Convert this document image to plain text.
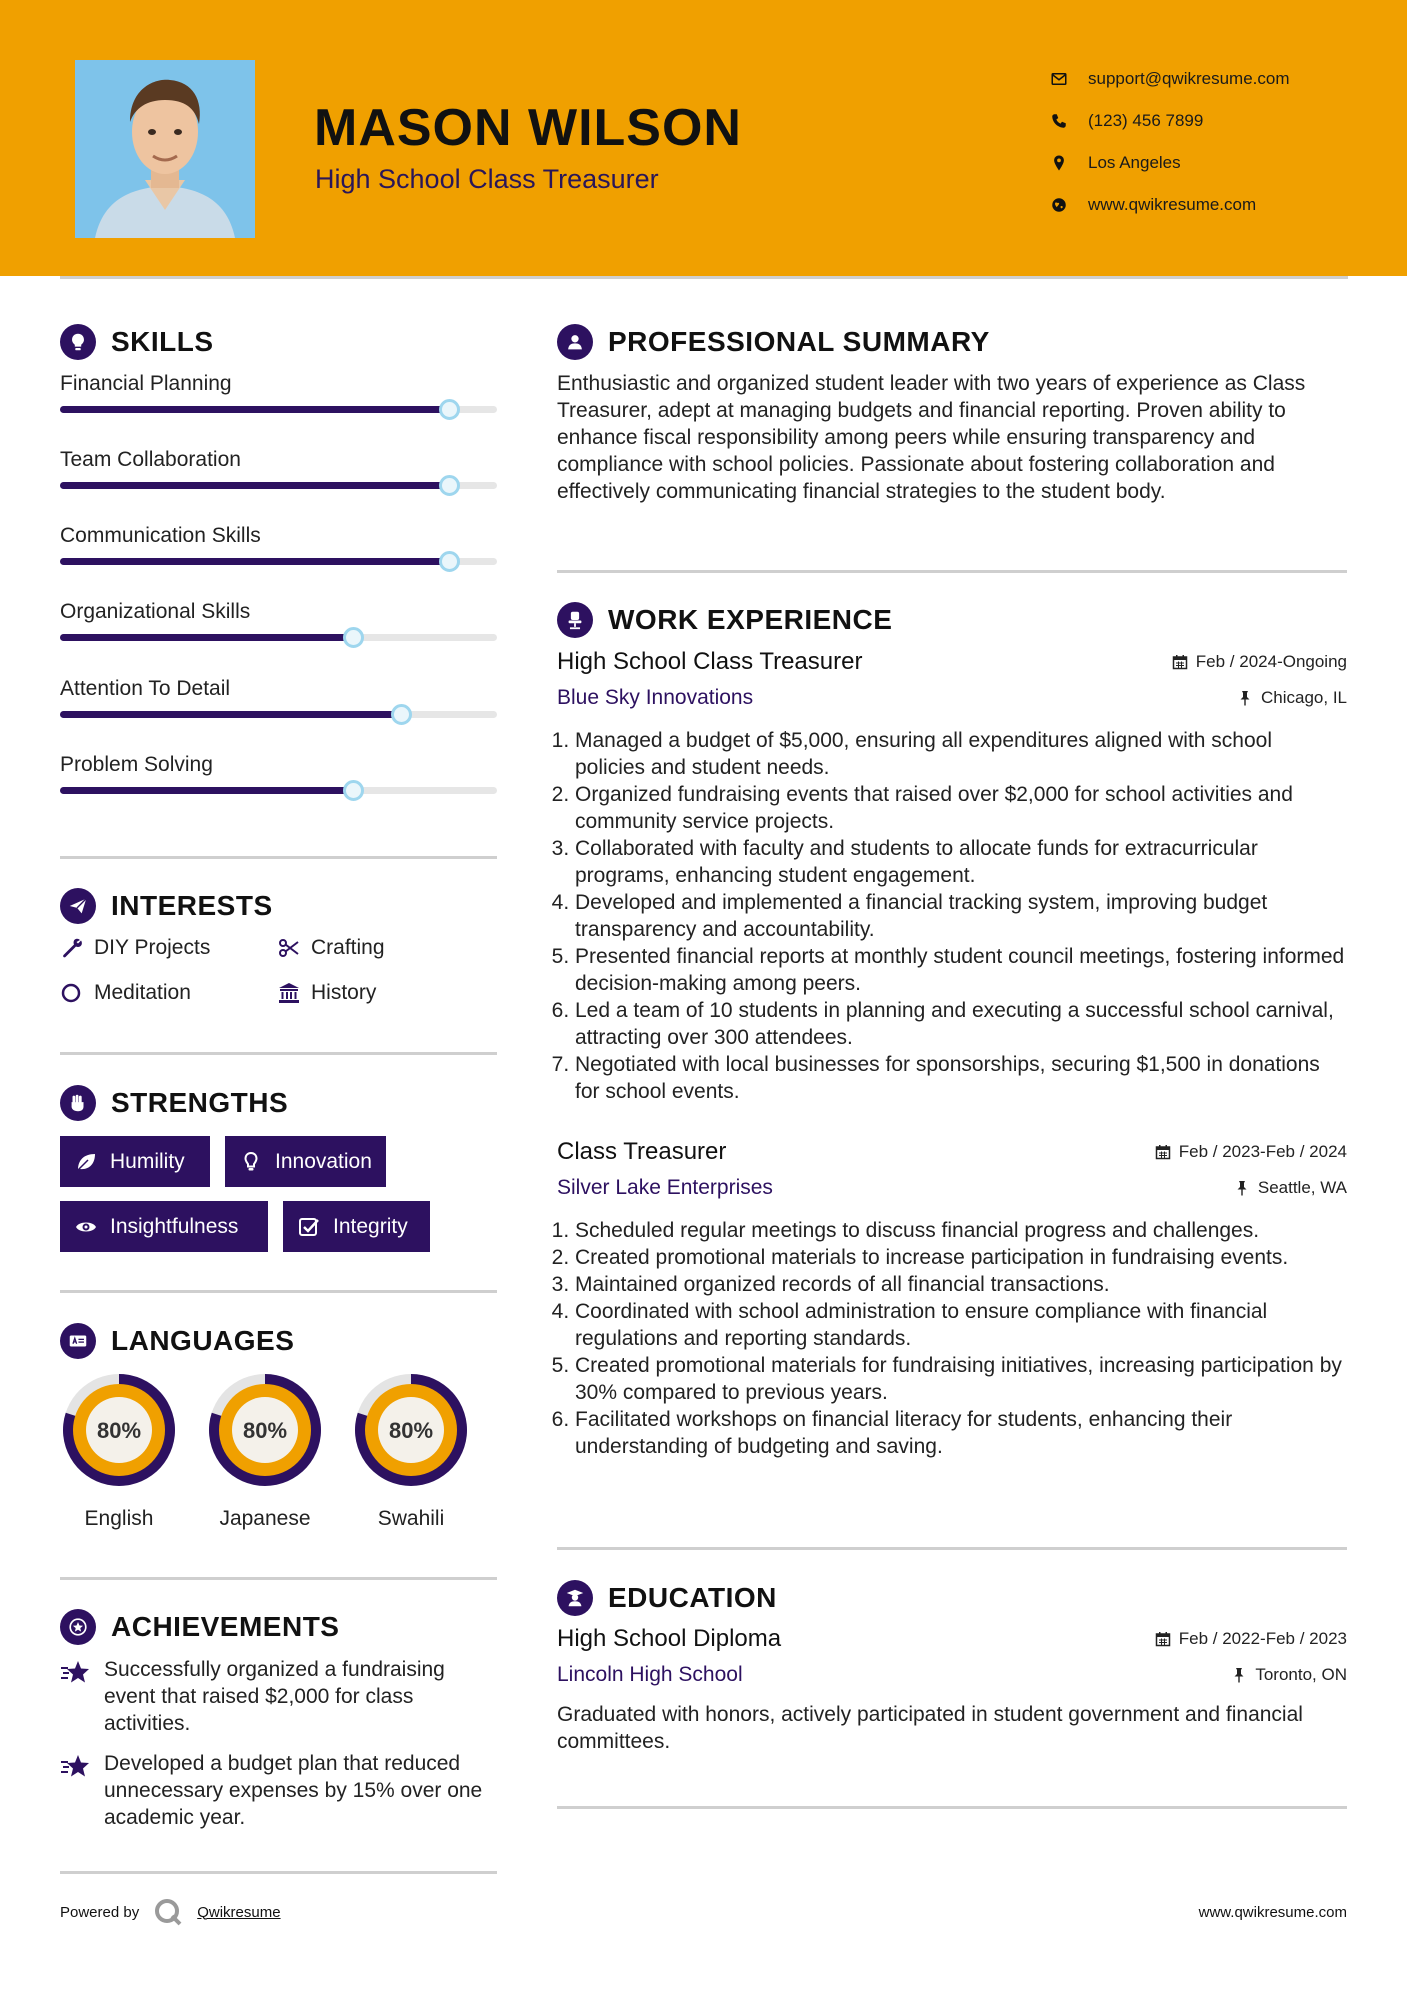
MASON WILSON
High School Class Treasurer
support@qwikresume.com
(123) 456 7899
Los Angeles
www.qwikresume.com
SKILLS
Financial Planning
Team Collaboration
Communication Skills
Organizational Skills
Attention To Detail
Problem Solving
INTERESTS
DIY Projects	Crafting
Meditation	History
STRENGTHS
Humility	Innovation
Insightfulness	Integrity
LANGUAGES
80%
English
80%
Japanese
80%
Swahili
ACHIEVEMENTS
Successfully organized a fundraising event that raised $2,000 for class activities.
Developed a budget plan that reduced unnecessary expenses by 15% over one academic year.
PROFESSIONAL SUMMARY
Enthusiastic and organized student leader with two years of experience as Class Treasurer, adept at managing budgets and financial reporting. Proven ability to enhance fiscal responsibility among peers while ensuring transparency and compliance with school policies. Passionate about fostering collaboration and effectively communicating financial strategies to the student body.
WORK EXPERIENCE
High School Class Treasurer	Feb / 2024-Ongoing
Blue Sky Innovations	Chicago, IL
1. Managed a budget of $5,000, ensuring all expenditures aligned with school policies and student needs.
2. Organized fundraising events that raised over $2,000 for school activities and community service projects.
3. Collaborated with faculty and students to allocate funds for extracurricular programs, enhancing student engagement.
4. Developed and implemented a financial tracking system, improving budget transparency and accountability.
5. Presented financial reports at monthly student council meetings, fostering informed decision-making among peers.
6. Led a team of 10 students in planning and executing a successful school carnival, attracting over 300 attendees.
7. Negotiated with local businesses for sponsorships, securing $1,500 in donations for school events.
Class Treasurer	Feb / 2023-Feb / 2024
Silver Lake Enterprises	Seattle, WA
1. Scheduled regular meetings to discuss financial progress and challenges.
2. Created promotional materials to increase participation in fundraising events.
3. Maintained organized records of all financial transactions.
4. Coordinated with school administration to ensure compliance with financial regulations and reporting standards.
5. Created promotional materials for fundraising initiatives, increasing participation by 30% compared to previous years.
6. Facilitated workshops on financial literacy for students, enhancing their understanding of budgeting and saving.
EDUCATION
High School Diploma	Feb / 2022-Feb / 2023
Lincoln High School	Toronto, ON
Graduated with honors, actively participated in student government and financial committees.
Powered by	Qwikresume	www.qwikresume.com
